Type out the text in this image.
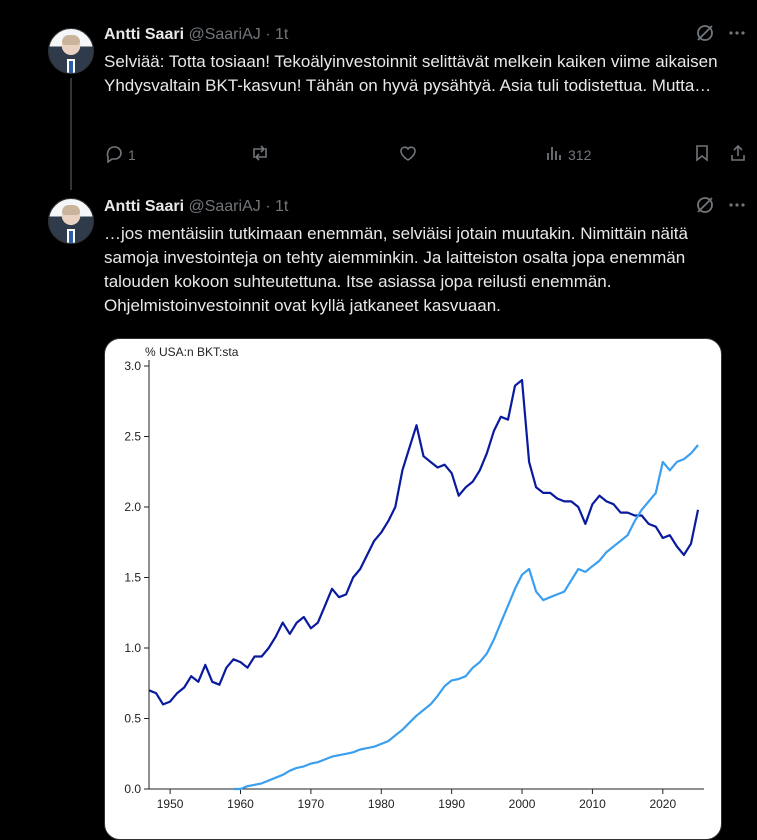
Antti Saari @SaariAJ · 1t
Selviää: Totta tosiaan! Tekoälyinvestoinnit selittävät melkein kaiken viime aikaisen Yhdysvaltain BKT-kasvun! Tähän on hyvä pysähtyä. Asia tuli todistettua. Mutta…
1	312
Antti Saari @SaariAJ · 1t
…jos mentäisiin tutkimaan enemmän, selviäisi jotain muutakin. Nimittäin näitä samoja investointeja on tehty aiemminkin. Ja laitteiston osalta jopa enemmän talouden kokoon suhteutettuna. Itse asiassa jopa reilusti enemmän. Ohjelmistoinvestoinnit ovat kyllä jatkaneet kasvuaan.
% USA:n BKT:sta
0.0
0.5
1.0
1.5
2.0
2.5
3.0
1950	1960	1970	1980	1990	2000	2010	2020
